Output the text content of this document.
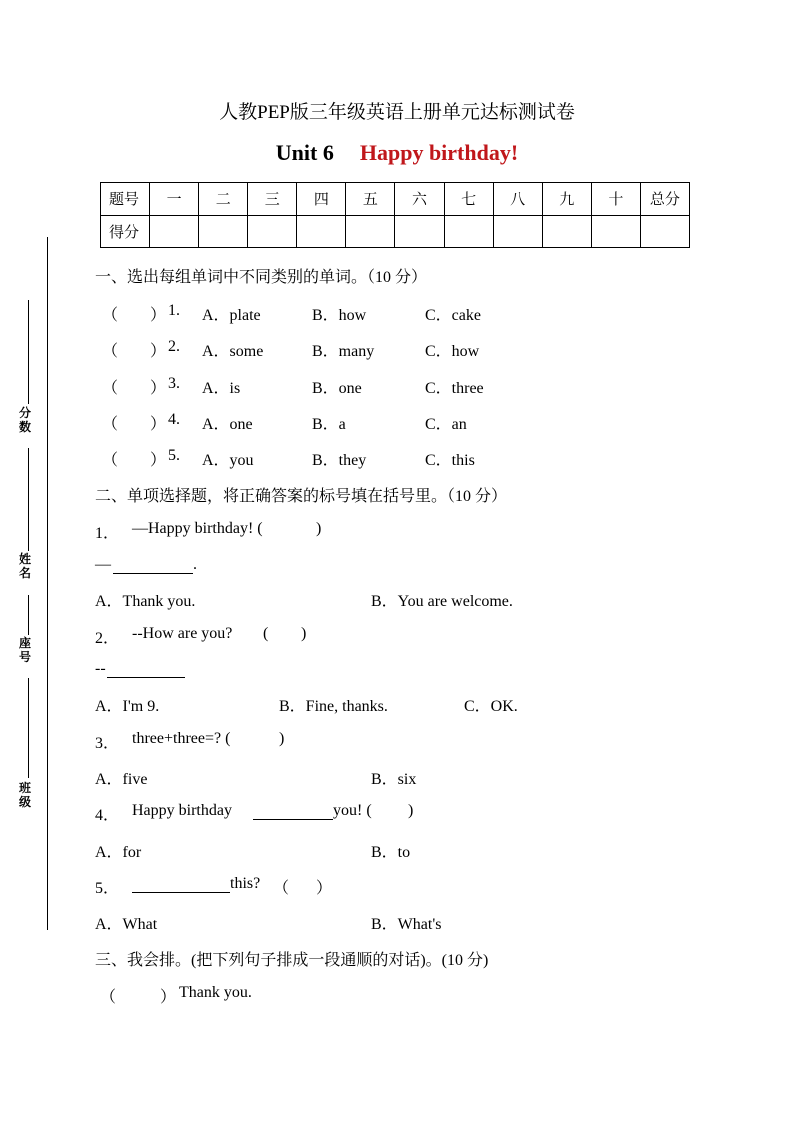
人教PEP版三年级英语上册单元达标测试卷
Unit 6 Happy birthday!
题号	一	二	三	四	五	六	七	八	九	十	总分
得分											
分数
姓名
座号
班级
一、选出每组单词中不同类别的单词。（10 分）
（ ） 1. A．plate	B．how	C．cake
（ ） 2. A．some	B．many	C．how
（ ） 3. A．is	B．one	C．three
（ ） 4. A．one	B．a	C．an
（ ） 5. A．you	B．they	C．this
二、单项选择题，将正确答案的标号填在括号里。（10 分）
1． —Happy birthday! (	)
—	.
A．Thank you.	B．You are welcome.
2． --How are you? ( )
--
A．I'm 9.	B．Fine, thanks.	C．OK.
3． three+three=? (	)
A．five	B．six
4． Happy birthday	you! ( )
A．for	B．to
5．	this? （ ）
A．What	B．What's
三、我会排。(把下列句子排成一段通顺的对话)。(10 分)
（	） Thank you.
